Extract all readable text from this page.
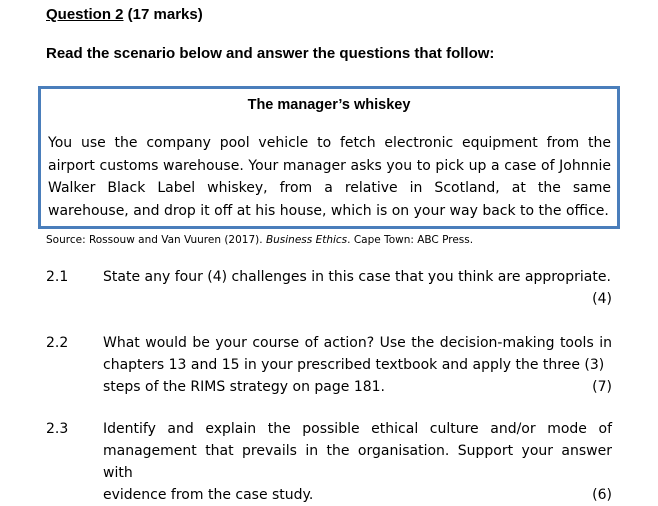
Question 2 (17 marks)
Read the scenario below and answer the questions that follow:
The manager’s whiskey
You use the company pool vehicle to fetch electronic equipment from the airport customs warehouse. Your manager asks you to pick up a case of Johnnie Walker Black Label whiskey, from a relative in Scotland, at the same warehouse, and drop it off at his house, which is on your way back to the office.
Source: Rossouw and Van Vuuren (2017). Business Ethics. Cape Town: ABC Press.
2.1 State any four (4) challenges in this case that you think are appropriate.
(4)
2.2 What would be your course of action? Use the decision-making tools in chapters 13 and 15 in your prescribed textbook and apply the three (3)
steps of the RIMS strategy on page 181.	(7)
2.3 Identify and explain the possible ethical culture and/or mode of management that prevails in the organisation. Support your answer with
evidence from the case study.	(6)
